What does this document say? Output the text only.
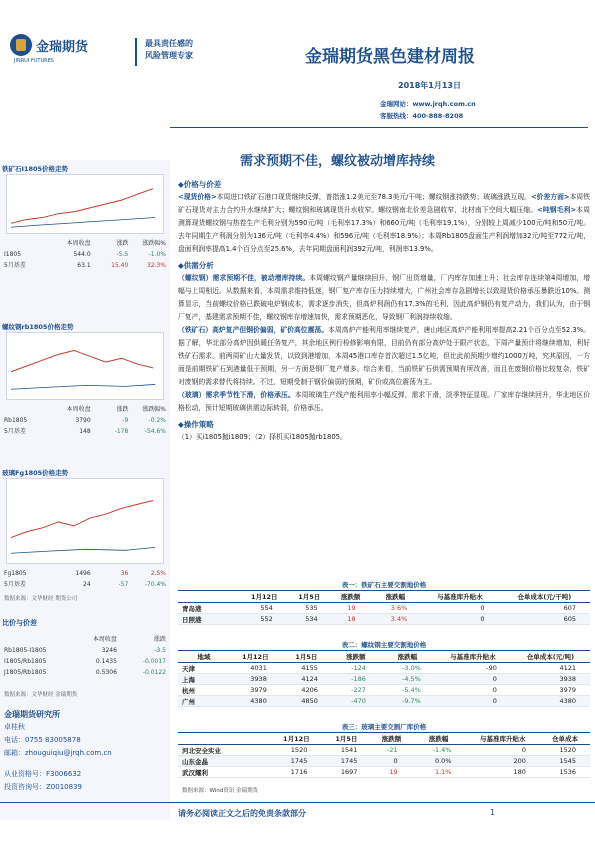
金瑞期货
JINRUI FUTURES
最具责任感的
风险管理专家	金瑞期货黑色建材周报
2018年1月13日
金瑞网站：www.jrqh.com.cn
客服热线：400-888-8208
需求预期不佳，螺纹被动增库持续
铁矿石I1805价格走势
本周收盘	涨跌	涨跌幅%
I1805	544.0	-5.5	-1.0%
5月基差	63.1	15.40	32.3%
螺纹钢rb1805价格走势
本周收盘	涨跌	涨跌幅%
Rb1805	3790	-9	-0.2%
5月基差	148	-178	-54.6%
玻璃Fg1805价格走势
Fg1805	1496	36	2.5%
5月基差	24	-57	-70.4%
数据来源：文华财经 期货公司
比价与价差
本周收盘	涨跌
Rb1805-I1805	3246	-3.5
I1805/Rb1805	0.1435	-0.0017
J1805/Rb1805	0.5306	-0.0122
数据来源：文华财经 金瑞期货
金瑞期货研究所
卓桂秋
电话：0755 83005878
邮箱：zhouguiqiu@jrqh.com.cn
从业资格号：F3006632
投资咨询号：Z0010839
◆价格与价差
<现货价格>本周进口铁矿石港口现货继续反弹，普指涨1.2美元至78.3美元/干吨；螺纹钢涨持跌势；玻璃涨跌互现。<价差方面>本周铁矿石现货对主力合约升水继续扩大；螺纹钢和玻璃现货升水收窄。螺纹钢南北价差急剧收窄，北材南下空间大幅压缩。<吨钢毛利>本周测算现货螺纹钢与热卷生产毛利分别为590元/吨（毛利率17.3%）和660元/吨（毛利率19.1%），分别较上周减少100元/吨和50元/吨。去年同期生产利润分别为136元/吨（毛利率4.4%）和596元/吨（毛利率18.9%）；本周Rb1805盘面生产利润增加32元/吨至772元/吨，盘面利润率提高1.4个百分点至25.6%，去年同期盘面利润392元/吨，利润率13.9%。
◆供需分析
（螺纹钢）需求预期不佳，被动增库持续。本周螺纹钢产量继续回升，钢厂出货增量，厂内库存加速上升；社会库存连续第4周增加，增幅与上周相近。从数据来看，本周需求维持低迷，钢厂复产库存压力持续增大，广州社会库存急剧增长以致现货价格承压暴跌近10%。测算显示，当前螺纹价格已跌破电炉钢成本，需求逐步消失，但高炉利润仍有17.3%的毛利，因此高炉钢仍有复产动力，我们认为，由于钢厂复产，基建需求预期不佳，螺纹钢库存增速加快，需求预期恶化，导致钢厂利润持续收缩。
（铁矿石）高炉复产但钢价偏弱，矿价高位震荡。本周高炉产能利用率继续复产，唐山地区高炉产能利用率提高2.21个百分点至52.3%。据了解，华北部分高炉因供暖任务复产，其余地区例行检修影响有限，目前仍有部分高炉处于限产状态，下周产量预计将继续增加，利好铁矿石需求。前两周矿山大量发货，以致到港增加，本周45港口库存首次超过1.5亿吨，但比此前预期少增约1000万吨，究其原因，一方面是前期铁矿石到港量低于预期，另一方面是钢厂复产增多。综合来看，当前铁矿石供需预期有所改善，而且在废钢价格比较复杂，铁矿对废钢的需求替代将持续。不过，短期受制于钢价偏弱的预期，矿价或高位震荡为主。
（玻璃）需求季节性下滑，价格承压。本周玻璃生产线产能利用率小幅反弹，需求下滑，淡季特征显现。厂家库存继续回升，华北地区价格松动，预计短期玻璃供需边际转弱，价格承压。
◆操作策略
（1）买i1805抛i1809；（2）择机买i1805抛rb1805。
表一：铁矿石主要交割地价格
	1月12日	1月5日	涨跌额	涨跌幅	与基准库升贴水	仓单成本(元/干吨)
青岛港	554	535	19	3.6%	0	607
日照港	552	534	18	3.4%	0	605
表二：螺纹钢主要交割地价格
地域	1月12日	1月5日	涨跌额	涨跌幅	与基准库升贴水	仓单成本(元/吨)
天津	4031	4155	-124	-3.0%	-90	4121
上海	3938	4124	-186	-4.5%	0	3938
杭州	3979	4206	-227	-5.4%	0	3979
广州	4380	4850	-470	-9.7%	0	4380
表三：玻璃主要交割厂库价格
	1月12日	1月5日	涨跌额	涨跌幅	与基准库升贴水	仓单成本
河北安全实业	1520	1541	-21	-1.4%	0	1520
山东金晶	1745	1745	0	0.0%	200	1545
武汉耀利	1716	1697	19	1.1%	180	1536
数据来源：Wind资讯 金瑞期货
请务必阅读正文之后的免责条款部分	1
